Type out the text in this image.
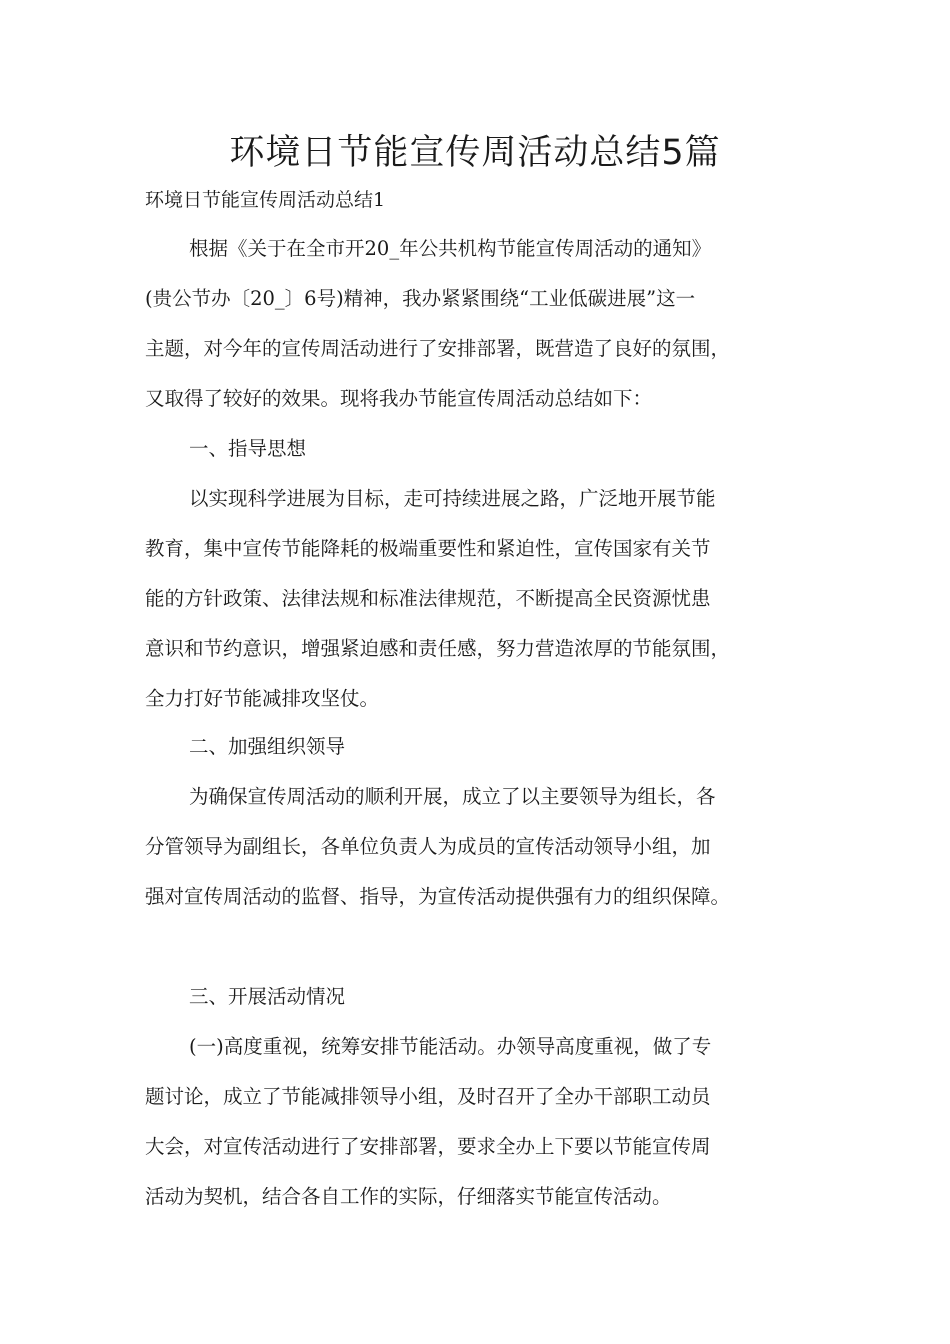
环境日节能宣传周活动总结5篇

环境日节能宣传周活动总结1

根据《关于在全市开20_年公共机构节能宣传周活动的通知》
(贵公节办〔20_〕6号)精神，我办紧紧围绕“工业低碳进展”这一
主题，对今年的宣传周活动进行了安排部署，既营造了良好的氛围，
又取得了较好的效果。现将我办节能宣传周活动总结如下：

一、指导思想

以实现科学进展为目标，走可持续进展之路，广泛地开展节能
教育，集中宣传节能降耗的极端重要性和紧迫性，宣传国家有关节
能的方针政策、法律法规和标准法律规范，不断提高全民资源忧患
意识和节约意识，增强紧迫感和责任感，努力营造浓厚的节能氛围，
全力打好节能减排攻坚仗。

二、加强组织领导

为确保宣传周活动的顺利开展，成立了以主要领导为组长，各
分管领导为副组长，各单位负责人为成员的宣传活动领导小组，加
强对宣传周活动的监督、指导，为宣传活动提供强有力的组织保障。

三、开展活动情况

(一)高度重视，统筹安排节能活动。办领导高度重视，做了专
题讨论，成立了节能减排领导小组，及时召开了全办干部职工动员
大会，对宣传活动进行了安排部署，要求全办上下要以节能宣传周
活动为契机，结合各自工作的实际，仔细落实节能宣传活动。
